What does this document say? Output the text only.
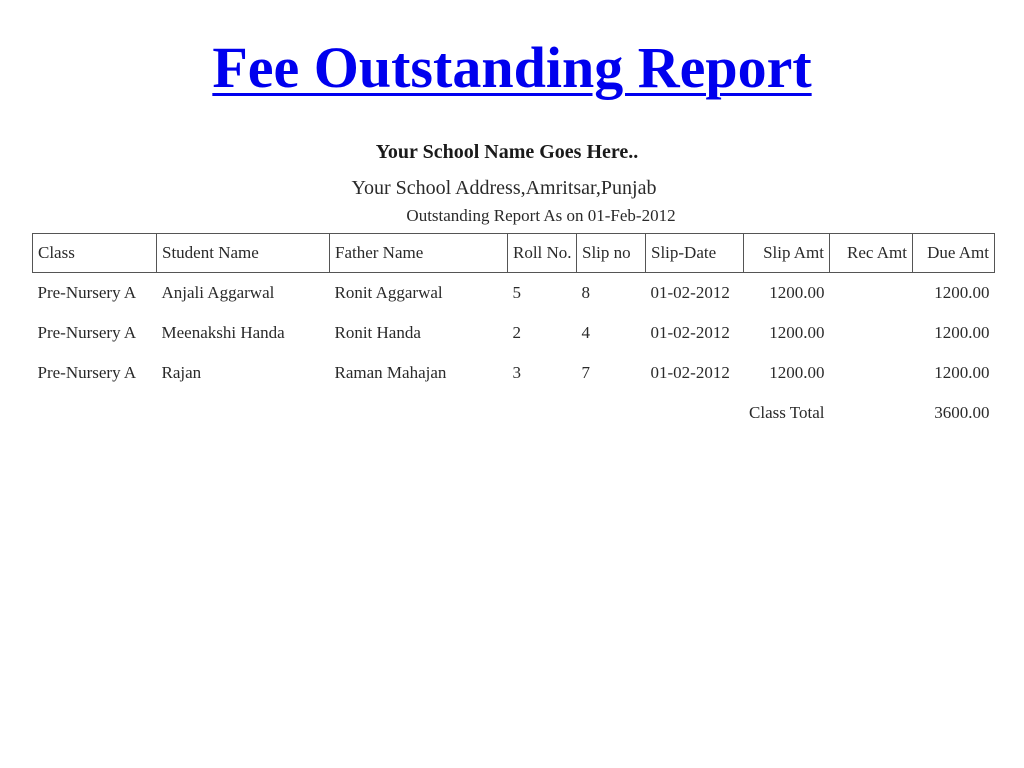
Fee Outstanding Report
Your School Name Goes Here..
Your School Address,Amritsar,Punjab
Outstanding Report As on 01-Feb-2012
Class	Student Name	Father Name	Roll No.	Slip no	Slip-Date	Slip Amt	Rec Amt	Due Amt
Pre-Nursery A	Anjali Aggarwal	Ronit Aggarwal	5	8	01-02-2012	1200.00		1200.00
Pre-Nursery A	Meenakshi Handa	Ronit Handa	2	4	01-02-2012	1200.00		1200.00
Pre-Nursery A	Rajan	Raman Mahajan	3	7	01-02-2012	1200.00		1200.00
					Class Total			3600.00
